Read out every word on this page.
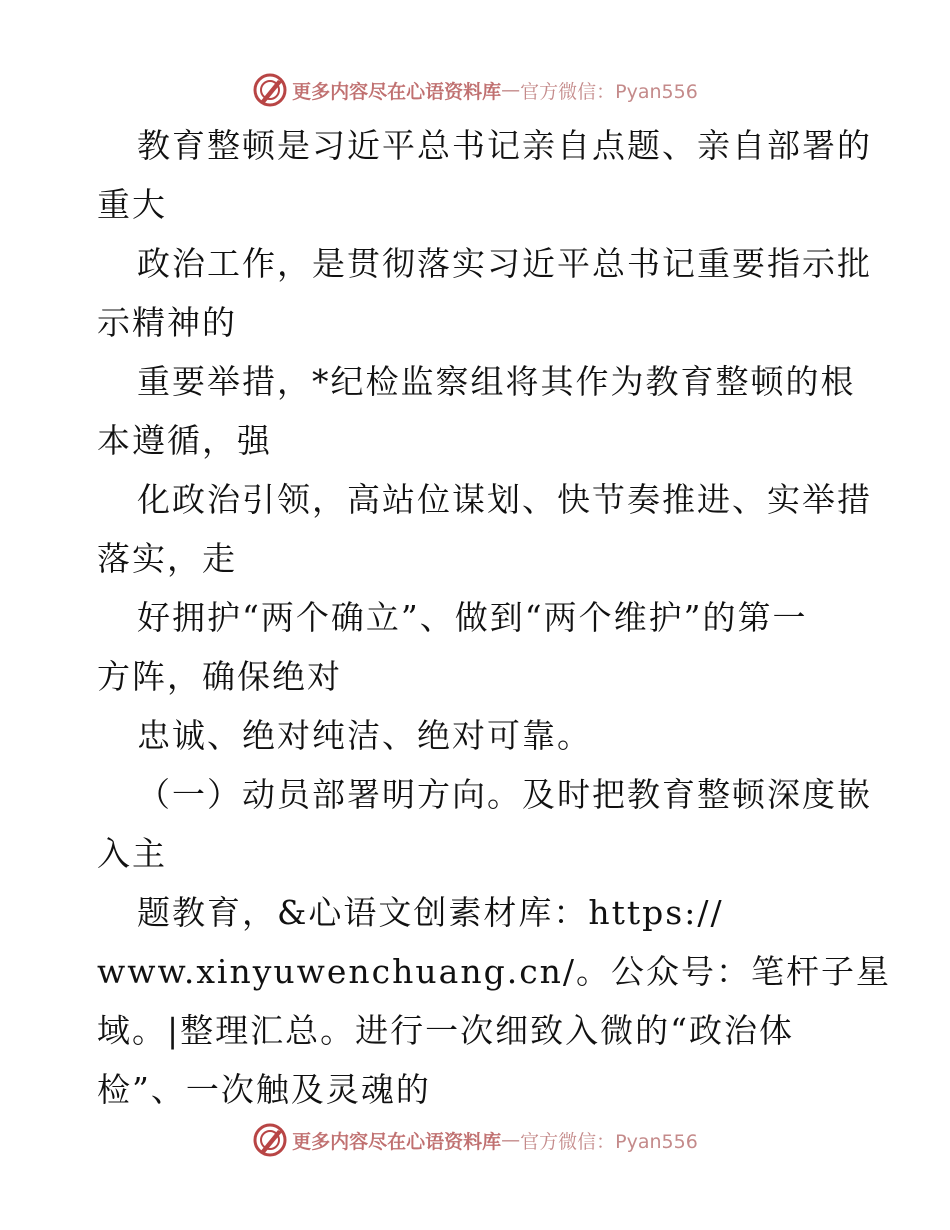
更多内容尽在心语资料库 — 官方微信：Pyan556
教育整顿是习近平总书记亲自点题、亲自部署的
重大
政治工作，是贯彻落实习近平总书记重要指示批
示精神的
重要举措，*纪检监察组将其作为教育整顿的根
本遵循，强
化政治引领，高站位谋划、快节奏推进、实举措
落实，走
好拥护“两个确立”、做到“两个维护”的第一
方阵，确保绝对
忠诚、绝对纯洁、绝对可靠。
（一）动员部署明方向。及时把教育整顿深度嵌
入主
题教育，&心语文创素材库：https://
www.xinyuwenchuang.cn/。公众号：笔杆子星
域。|整理汇总。进行一次细致入微的“政治体
检”、一次触及灵魂的
更多内容尽在心语资料库 — 官方微信：Pyan556
